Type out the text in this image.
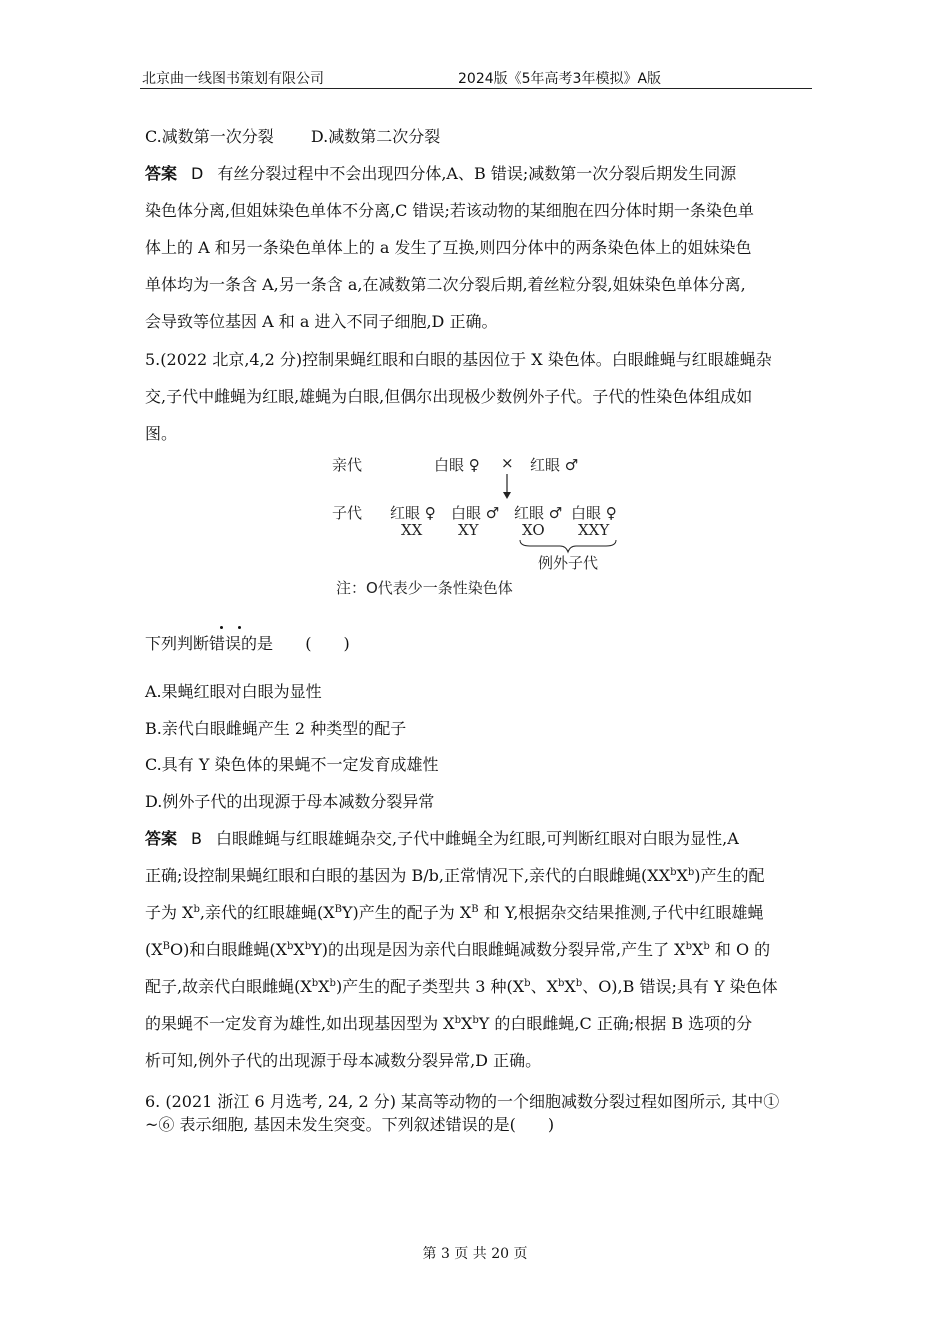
北京曲一线图书策划有限公司	2024版《5年高考3年模拟》A版
C.减数第一次分裂 　　D.减数第二次分裂
答案 D 有丝分裂过程中不会出现四分体,A、B 错误;减数第一次分裂后期发生同源
染色体分离,但姐妹染色单体不分离,C 错误;若该动物的某细胞在四分体时期一条染色单
体上的 A 和另一条染色单体上的 a 发生了互换,则四分体中的两条染色体上的姐妹染色
单体均为一条含 A,另一条含 a,在减数第二次分裂后期,着丝粒分裂,姐妹染色单体分离,
会导致等位基因 A 和 a 进入不同子细胞,D 正确。
5.(2022 北京,4,2 分)控制果蝇红眼和白眼的基因位于 X 染色体。白眼雌蝇与红眼雄蝇杂
交,子代中雌蝇为红眼,雄蝇为白眼,但偶尔出现极少数例外子代。子代的性染色体组成如
图。
亲代	白眼 ♀ × 红眼 ♂
子代 红眼 ♀ 白眼 ♂ 红眼 ♂ 白眼 ♀
XX XY	XO XXY
例外子代
注：O代表少一条性染色体
下列判断错误的是 (　　)
A.果蝇红眼对白眼为显性
B.亲代白眼雌蝇产生 2 种类型的配子
C.具有 Y 染色体的果蝇不一定发育成雄性
D.例外子代的出现源于母本减数分裂异常
答案 B 白眼雌蝇与红眼雄蝇杂交,子代中雌蝇全为红眼,可判断红眼对白眼为显性,A
正确;设控制果蝇红眼和白眼的基因为 B/b,正常情况下,亲代的白眼雌蝇$(XX^bX^b)$产生的配
子为 $X^b$,亲代的红眼雄蝇$(X^BY)$产生的配子为 $X^B$ 和 Y,根据杂交结果推测,子代中红眼雄蝇
$(X^BO)$和白眼雌蝇$(X^bX^bY)$的出现是因为亲代白眼雌蝇减数分裂异常,产生了 $X^bX^b$ 和 O 的
配子,故亲代白眼雌蝇$(X^bX^b)$产生的配子类型共 3 种($X^b$、$X^bX^b$、O),B 错误;具有 Y 染色体
的果蝇不一定发育为雄性,如出现基因型为 $X^bX^bY$ 的白眼雌蝇,C 正确;根据 B 选项的分
析可知,例外子代的出现源于母本减数分裂异常,D 正确。
6. (2021 浙江 6 月选考, 24, 2 分) 某高等动物的一个细胞减数分裂过程如图所示, 其中①
~⑥ 表示细胞, 基因未发生突变。下列叙述错误的是(　　)
第 3 页 共 20 页
